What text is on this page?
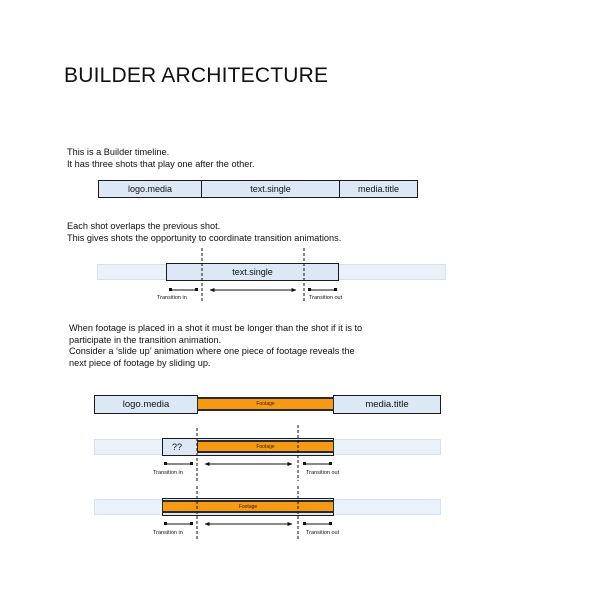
BUILDER ARCHITECTURE
This is a Builder timeline.
It has three shots that play one after the other.
logo.media	text.single	media.title
Each shot overlaps the previous shot.
This gives shots the opportunity to coordinate transition animations.
text.single
Transition in	Transition out
When footage is placed in a shot it must be longer than the shot if it is to
participate in the transition animation.
Consider a ‘slide up’ animation where one piece of footage reveals the
next piece of footage by sliding up.
logo.media	media.title
Footage
??	Footage
Transition in	Transition out
Footage
Transition in	Transition out
